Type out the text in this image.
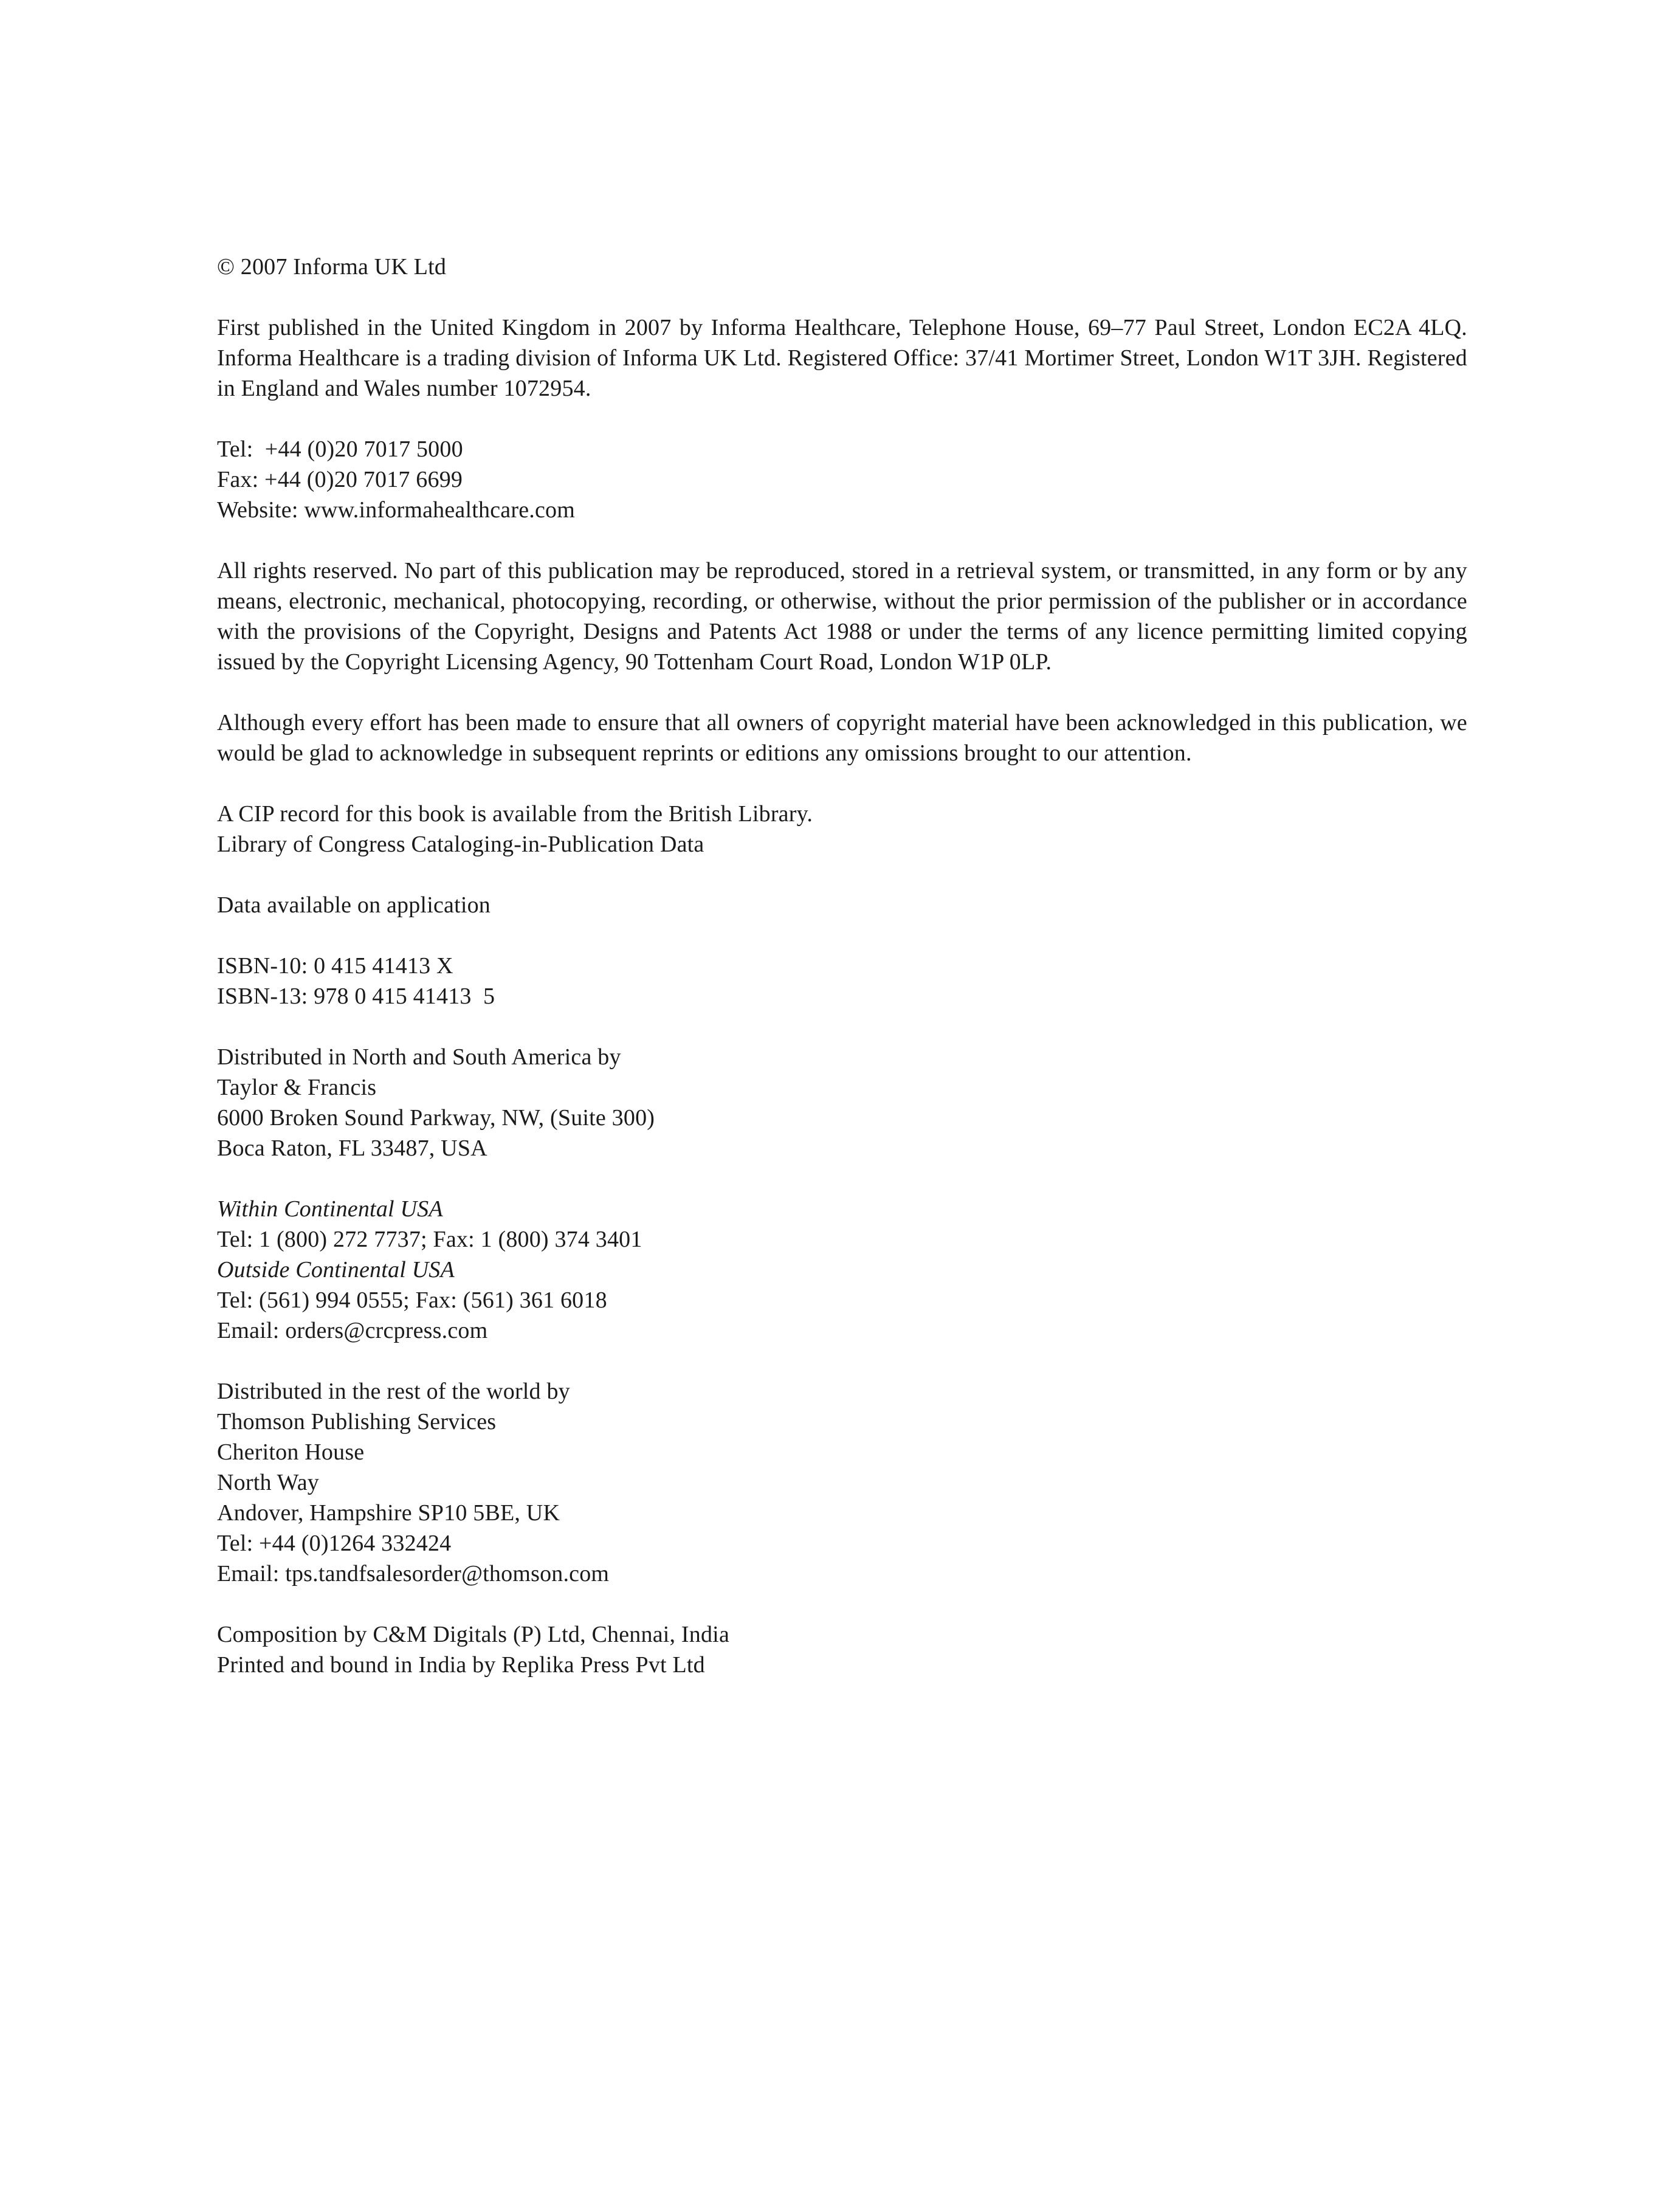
© 2007 Informa UK Ltd

First published in the United Kingdom in 2007 by Informa Healthcare, Telephone House, 69–77 Paul Street, London EC2A 4LQ. Informa Healthcare is a trading division of Informa UK Ltd. Registered Office: 37/41 Mortimer Street, London W1T 3JH. Registered in England and Wales number 1072954.

Tel:  +44 (0)20 7017 5000

Fax: +44 (0)20 7017 6699

Website: www.informahealthcare.com

All rights reserved. No part of this publication may be reproduced, stored in a retrieval system, or transmitted, in any form or by any means, electronic, mechanical, photocopying, recording, or otherwise, without the prior permission of the publisher or in accordance with the provisions of the Copyright, Designs and Patents Act 1988 or under the terms of any licence permitting limited copying issued by the Copyright Licensing Agency, 90 Tottenham Court Road, London W1P 0LP.

Although every effort has been made to ensure that all owners of copyright material have been acknowledged in this publication, we would be glad to acknowledge in subsequent reprints or editions any omissions brought to our attention.

A CIP record for this book is available from the British Library.

Library of Congress Cataloging-in-Publication Data

Data available on application

ISBN-10: 0 415 41413 X

ISBN-13: 978 0 415 41413  5

Distributed in North and South America by

Taylor & Francis

6000 Broken Sound Parkway, NW, (Suite 300)

Boca Raton, FL 33487, USA

Within Continental USA

Tel: 1 (800) 272 7737; Fax: 1 (800) 374 3401

Outside Continental USA

Tel: (561) 994 0555; Fax: (561) 361 6018

Email: orders@crcpress.com

Distributed in the rest of the world by

Thomson Publishing Services

Cheriton House

North Way

Andover, Hampshire SP10 5BE, UK

Tel: +44 (0)1264 332424

Email: tps.tandfsalesorder@thomson.com

Composition by C&M Digitals (P) Ltd, Chennai, India

Printed and bound in India by Replika Press Pvt Ltd
